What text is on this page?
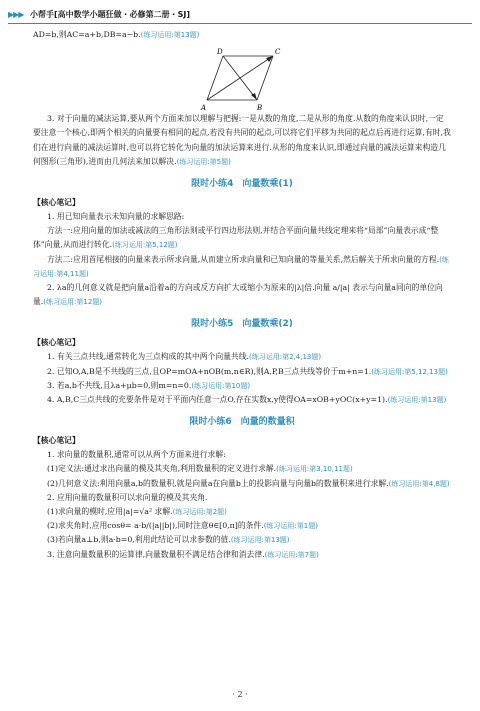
▶▶▶ 小帮手[高中数学小题狂做・必修第二册・SJ]

AD=b,则AC=a+b,DB=a−b.(练习运用:第13题)

D	C
A	B

3. 对于向量的减法运算,要从两个方面来加以理解与把握:一是从数的角度,二是从形的角度.从数的角度来认识时,一定要注意一个核心,即两个相关的向量要有相同的起点,若没有共同的起点,可以将它们平移为共同的起点后再进行运算,有时,我们在进行向量的减法运算时,也可以将它转化为向量的加法运算来进行.从形的角度来认识,即通过向量的减法运算来构造几何图形(三角形),进而由几何法来加以解决.(练习运用:第5题)

限时小练4　向量数乘(1)

【核心笔记】

1. 用已知向量表示未知向量的求解思路:

方法一:应用向量的加法或减法的三角形法则或平行四边形法则,并结合平面向量共线定理来将“局部”向量表示成“整体”向量,从而进行转化.(练习运用:第5,12题)

方法二:应用首尾相接的向量来表示所求向量,从而建立所求向量和已知向量的等量关系,然后解关于所求向量的方程.(练习运用:第4,11题)

2. λa的几何意义就是把向量a沿着a的方向或反方向扩大或缩小为原来的|λ|倍.向量 a/|a| 表示与向量a同向的单位向量.(练习运用:第12题)

限时小练5　向量数乘(2)

【核心笔记】

1. 有关三点共线,通常转化为三点构成的其中两个向量共线.(练习运用:第2,4,13题)

2. 已知O,A,B是不共线的三点,且OP=mOA+nOB(m,n∈R),则A,P,B三点共线等价于m+n=1.(练习运用:第5,12,13题)

3. 若a,b不共线,且λa+μb=0,则m=n=0.(练习运用:第10题)

4. A,B,C三点共线的充要条件是对于平面内任意一点O,存在实数x,y使得OA=xOB+yOC(x+y=1).(练习运用:第13题)

限时小练6　向量的数量积

【核心笔记】

1. 求向量的数量积,通常可以从两个方面来进行求解:

(1)定义法:通过求出向量的模及其夹角,利用数量积的定义进行求解.(练习运用:第3,10,11题)

(2)几何意义法:利用向量a,b的数量积,就是向量a在向量b上的投影向量与向量b的数量积来进行求解.(练习运用:第4,8题)

2. 应用向量的数量积可以求向量的模及其夹角.

(1)求向量的模时,应用|a|=√a² 求解.(练习运用:第2题)

(2)求夹角时,应用cosθ= a·b/(|a||b|),同时注意θ∈[0,π]的条件.(练习运用:第1题)

(3)若向量a⊥b,则a·b=0,利用此结论可以求参数的值.(练习运用:第13题)

3. 注意向量数量积的运算律,向量数量积不满足结合律和消去律.(练习运用:第7题)

· 2 ·
